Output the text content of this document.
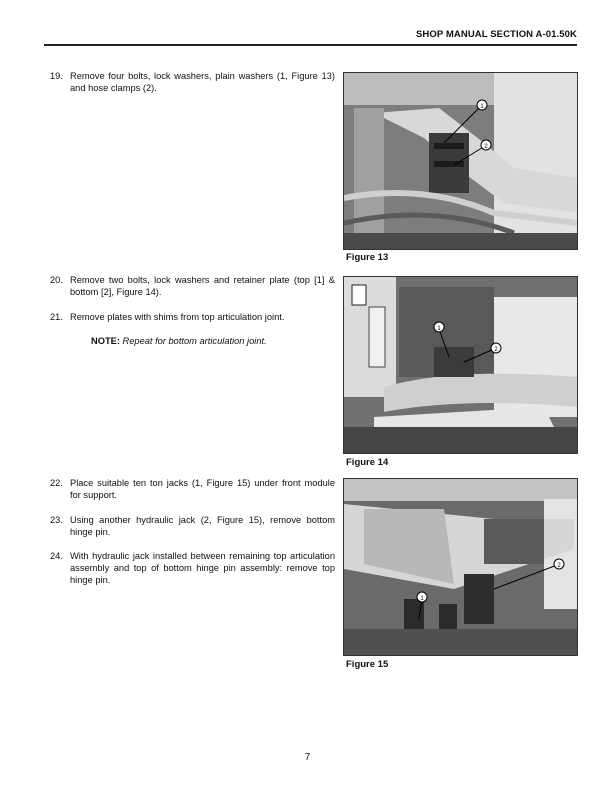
SHOP MANUAL SECTION A-01.50K
19. Remove four bolts, lock washers, plain washers (1, Figure 13) and hose clamps (2).
20. Remove two bolts, lock washers and retainer plate (top [1] & bottom [2], Figure 14).
21. Remove plates with shims from top articulation joint.
NOTE: Repeat for bottom articulation joint.
22. Place suitable ten ton jacks (1, Figure 15) under front module for support.
23. Using another hydraulic jack (2, Figure 15), remove bottom hinge pin.
24. With hydraulic jack installed between remaining top articulation assembly and top of bottom hinge pin assembly: remove top hinge pin.
1
2
Figure 13
1
2
Figure 14
1
2
Figure 15
7
